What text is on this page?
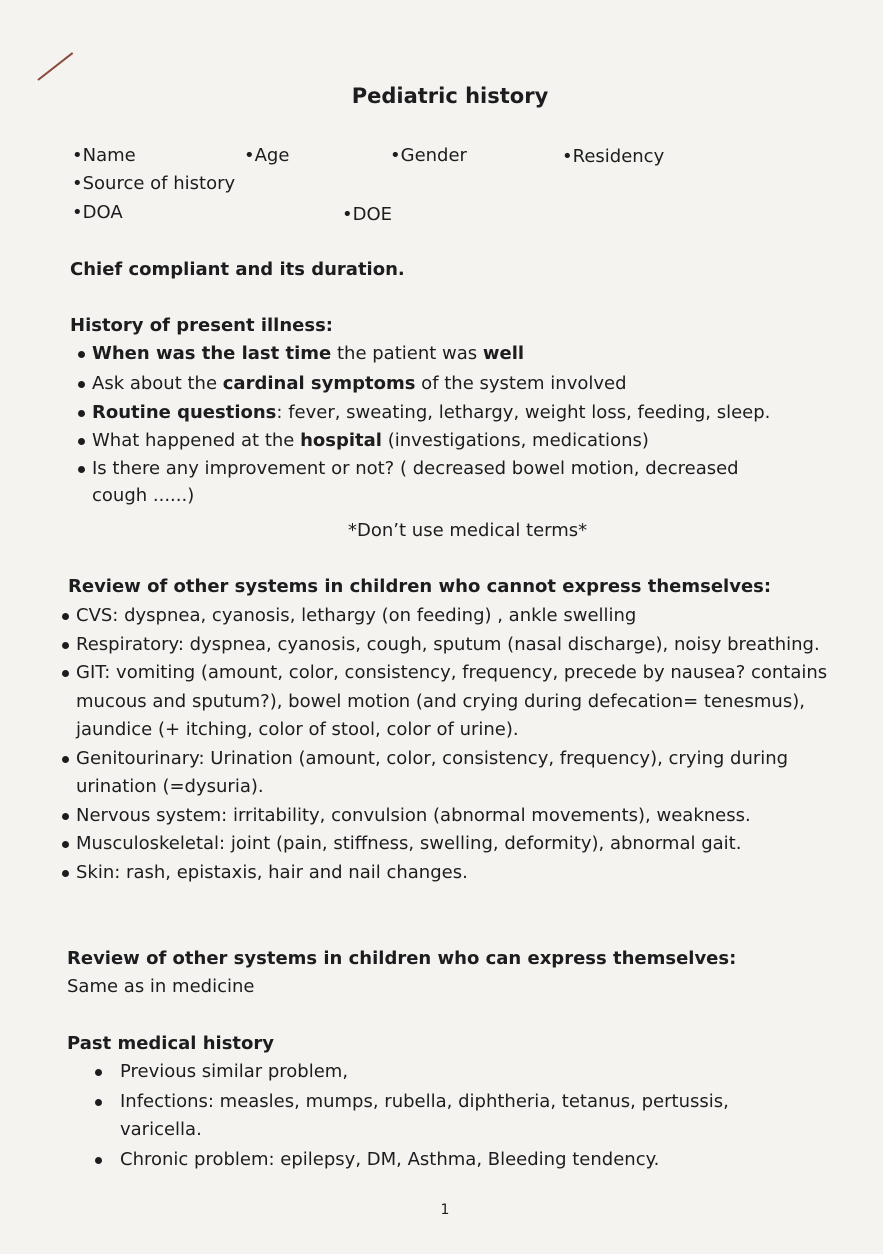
Pediatric history
•Name	•Age	•Gender	•Residency
•Source of history
•DOA	•DOE
Chief compliant and its duration.
History of present illness:
When was the last time the patient was well
Ask about the cardinal symptoms of the system involved
Routine questions: fever, sweating, lethargy, weight loss, feeding, sleep.
What happened at the hospital (investigations, medications)
Is there any improvement or not? ( decreased bowel motion, decreased cough ......)
*Don’t use medical terms*
Review of other systems in children who cannot express themselves:
CVS: dyspnea, cyanosis, lethargy (on feeding) , ankle swelling
Respiratory: dyspnea, cyanosis, cough, sputum (nasal discharge), noisy breathing.
GIT: vomiting (amount, color, consistency, frequency, precede by nausea? contains mucous and sputum?), bowel motion (and crying during defecation= tenesmus), jaundice (+ itching, color of stool, color of urine).
Genitourinary: Urination (amount, color, consistency, frequency), crying during urination (=dysuria).
Nervous system: irritability, convulsion (abnormal movements), weakness.
Musculoskeletal: joint (pain, stiffness, swelling, deformity), abnormal gait.
Skin: rash, epistaxis, hair and nail changes.
Review of other systems in children who can express themselves:
Same as in medicine
Past medical history
Previous similar problem,
Infections: measles, mumps, rubella, diphtheria, tetanus, pertussis, varicella.
Chronic problem: epilepsy, DM, Asthma, Bleeding tendency.
1
